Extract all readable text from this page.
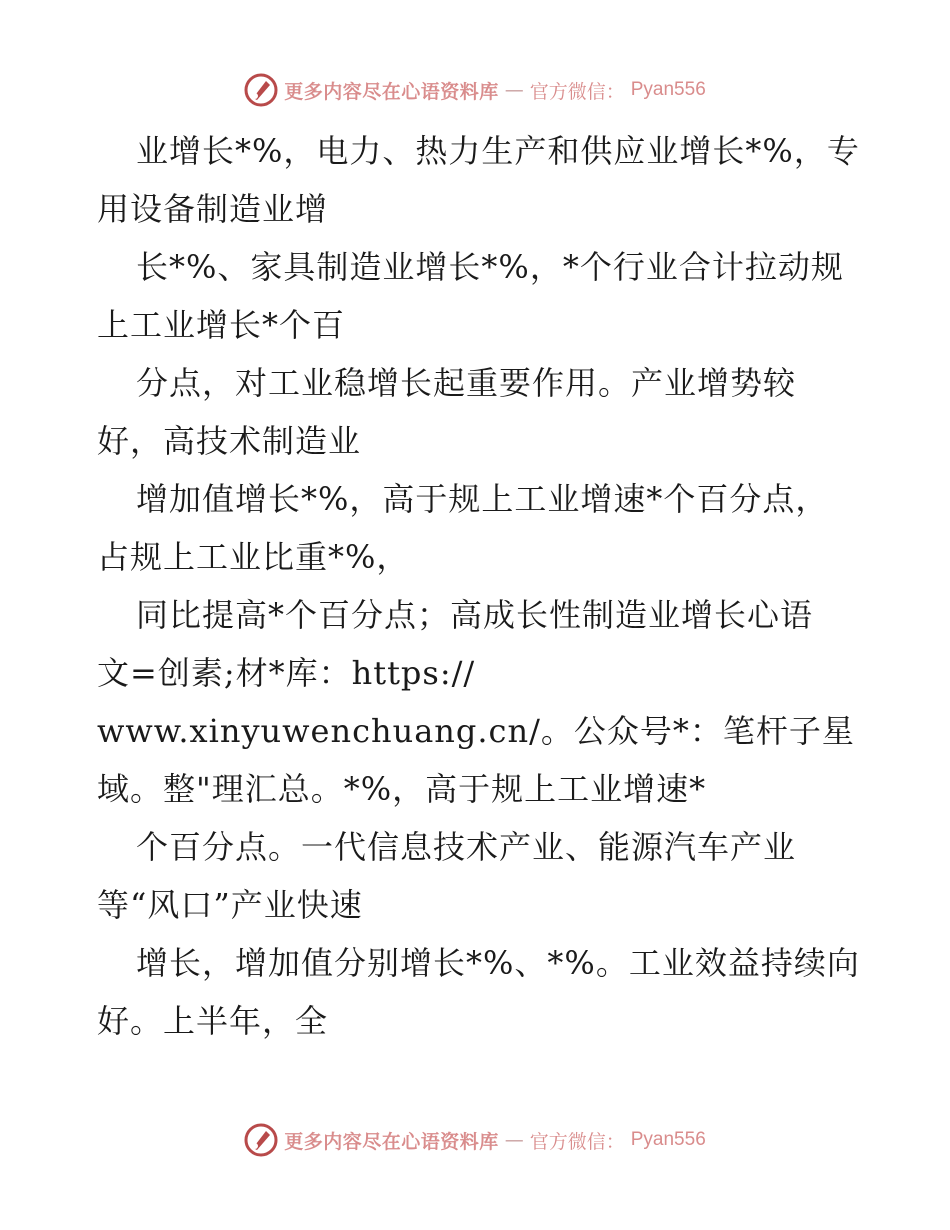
更多内容尽在心语资料库 — 官方微信： Pyan556
业增长*%，电力、热力生产和供应业增长*%，专
用设备制造业增
长*%、家具制造业增长*%，*个行业合计拉动规
上工业增长*个百
分点，对工业稳增长起重要作用。产业增势较
好，高技术制造业
增加值增长*%，高于规上工业增速*个百分点，
占规上工业比重*%，
同比提高*个百分点；高成长性制造业增长心语
文=创素;材*库：https://
www.xinyuwenchuang.cn/。公众号*：笔杆子星
域。整"理汇总。*%，高于规上工业增速*
个百分点。一代信息技术产业、能源汽车产业
等“风口”产业快速
增长，增加值分别增长*%、*%。工业效益持续向
好。上半年，全
更多内容尽在心语资料库 — 官方微信： Pyan556
